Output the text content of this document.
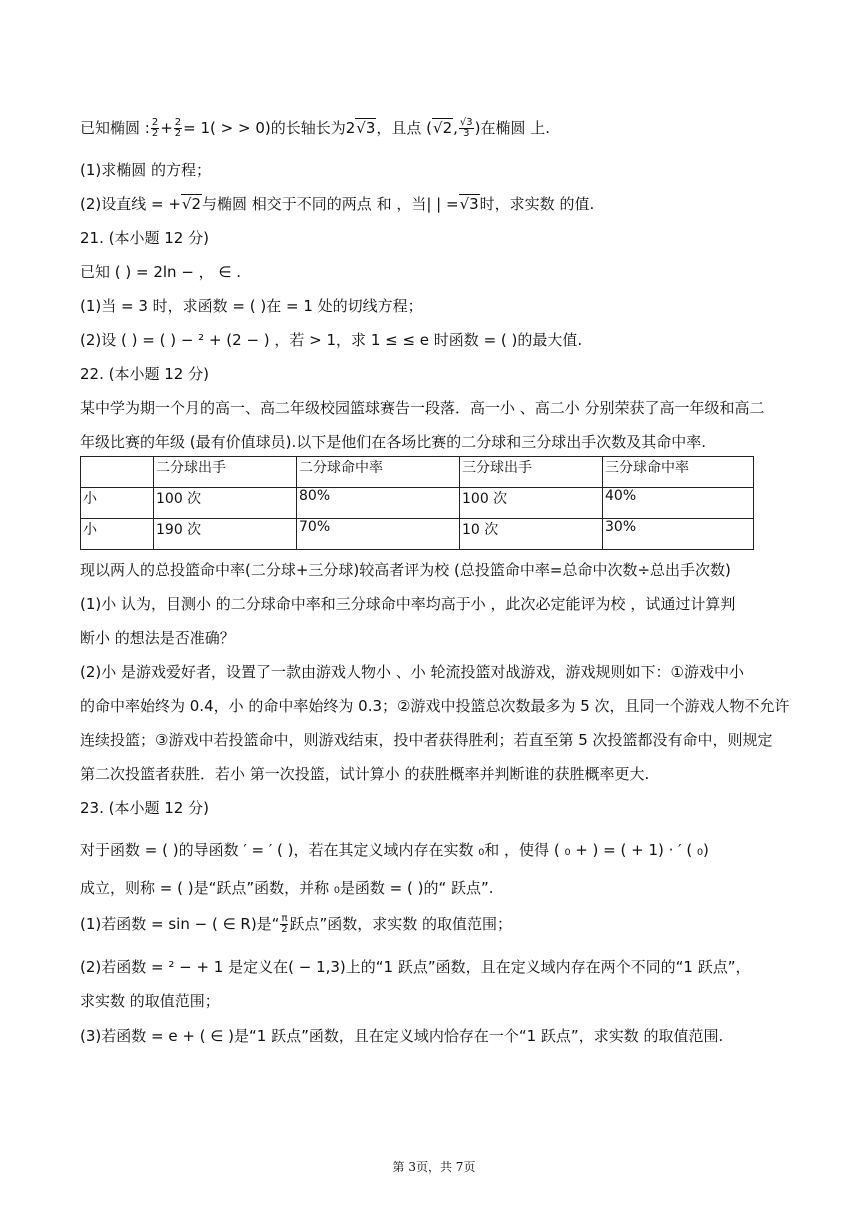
已知椭圆 : $\frac{2}{2} + \frac{2}{2} = 1$( > > 0)的长轴长为2√3，且点 (√2, $\frac{√3}{3}$ )在椭圆 上.
(1)求椭圆 的方程；
(2)设直线 = +√2与椭圆 相交于不同的两点 和 ，当| | =√3时，求实数 的值.
21. (本小题 12 分)
已知 ( ) = 2ln − ， ∈ .
(1)当 = 3 时，求函数 = ( )在 = 1 处的切线方程；
(2)设 ( ) = ( ) − ² + (2 − ) ，若 > 1，求 1 ≤ ≤ e 时函数 = ( )的最大值.
22. (本小题 12 分)
某中学为期一个月的高一、高二年级校园篮球赛告一段落．高一小 、高二小 分别荣获了高一年级和高二
年级比赛的年级 (最有价值球员).以下是他们在各场比赛的二分球和三分球出手次数及其命中率.
	二分球出手	二分球命中率	三分球出手	三分球命中率
小	100 次	80%	100 次	40%
小	190 次	70%	10 次	30%
现以两人的总投篮命中率(二分球+三分球)较高者评为校 (总投篮命中率=总命中次数÷总出手次数)
(1)小 认为，目测小 的二分球命中率和三分球命中率均高于小 ，此次必定能评为校 ，试通过计算判
断小 的想法是否准确？
(2)小 是游戏爱好者，设置了一款由游戏人物小 、小 轮流投篮对战游戏，游戏规则如下：①游戏中小
的命中率始终为 0.4，小 的命中率始终为 0.3；②游戏中投篮总次数最多为 5 次，且同一个游戏人物不允许
连续投篮；③游戏中若投篮命中，则游戏结束，投中者获得胜利；若直至第 5 次投篮都没有命中，则规定
第二次投篮者获胜．若小 第一次投篮，试计算小 的获胜概率并判断谁的获胜概率更大.
23. (本小题 12 分)
对于函数 = ( )的导函数 ′ = ′ ( )，若在其定义域内存在实数 ₀和 ，使得 ( ₀ + ) = ( + 1) · ′ ( ₀)
成立，则称 = ( )是“跃点”函数，并称 ₀是函数 = ( )的“ 跃点”.
(1)若函数 = sin − ( ∈ R)是“ $\frac{\pi}{2}$ 跃点”函数，求实数 的取值范围；
(2)若函数 = ² − + 1 是定义在( − 1,3)上的“1 跃点”函数，且在定义域内存在两个不同的“1 跃点”，
求实数 的取值范围；
(3)若函数 = e + ( ∈ )是“1 跃点”函数，且在定义域内恰存在一个“1 跃点”，求实数 的取值范围.
第 3页，共 7页
